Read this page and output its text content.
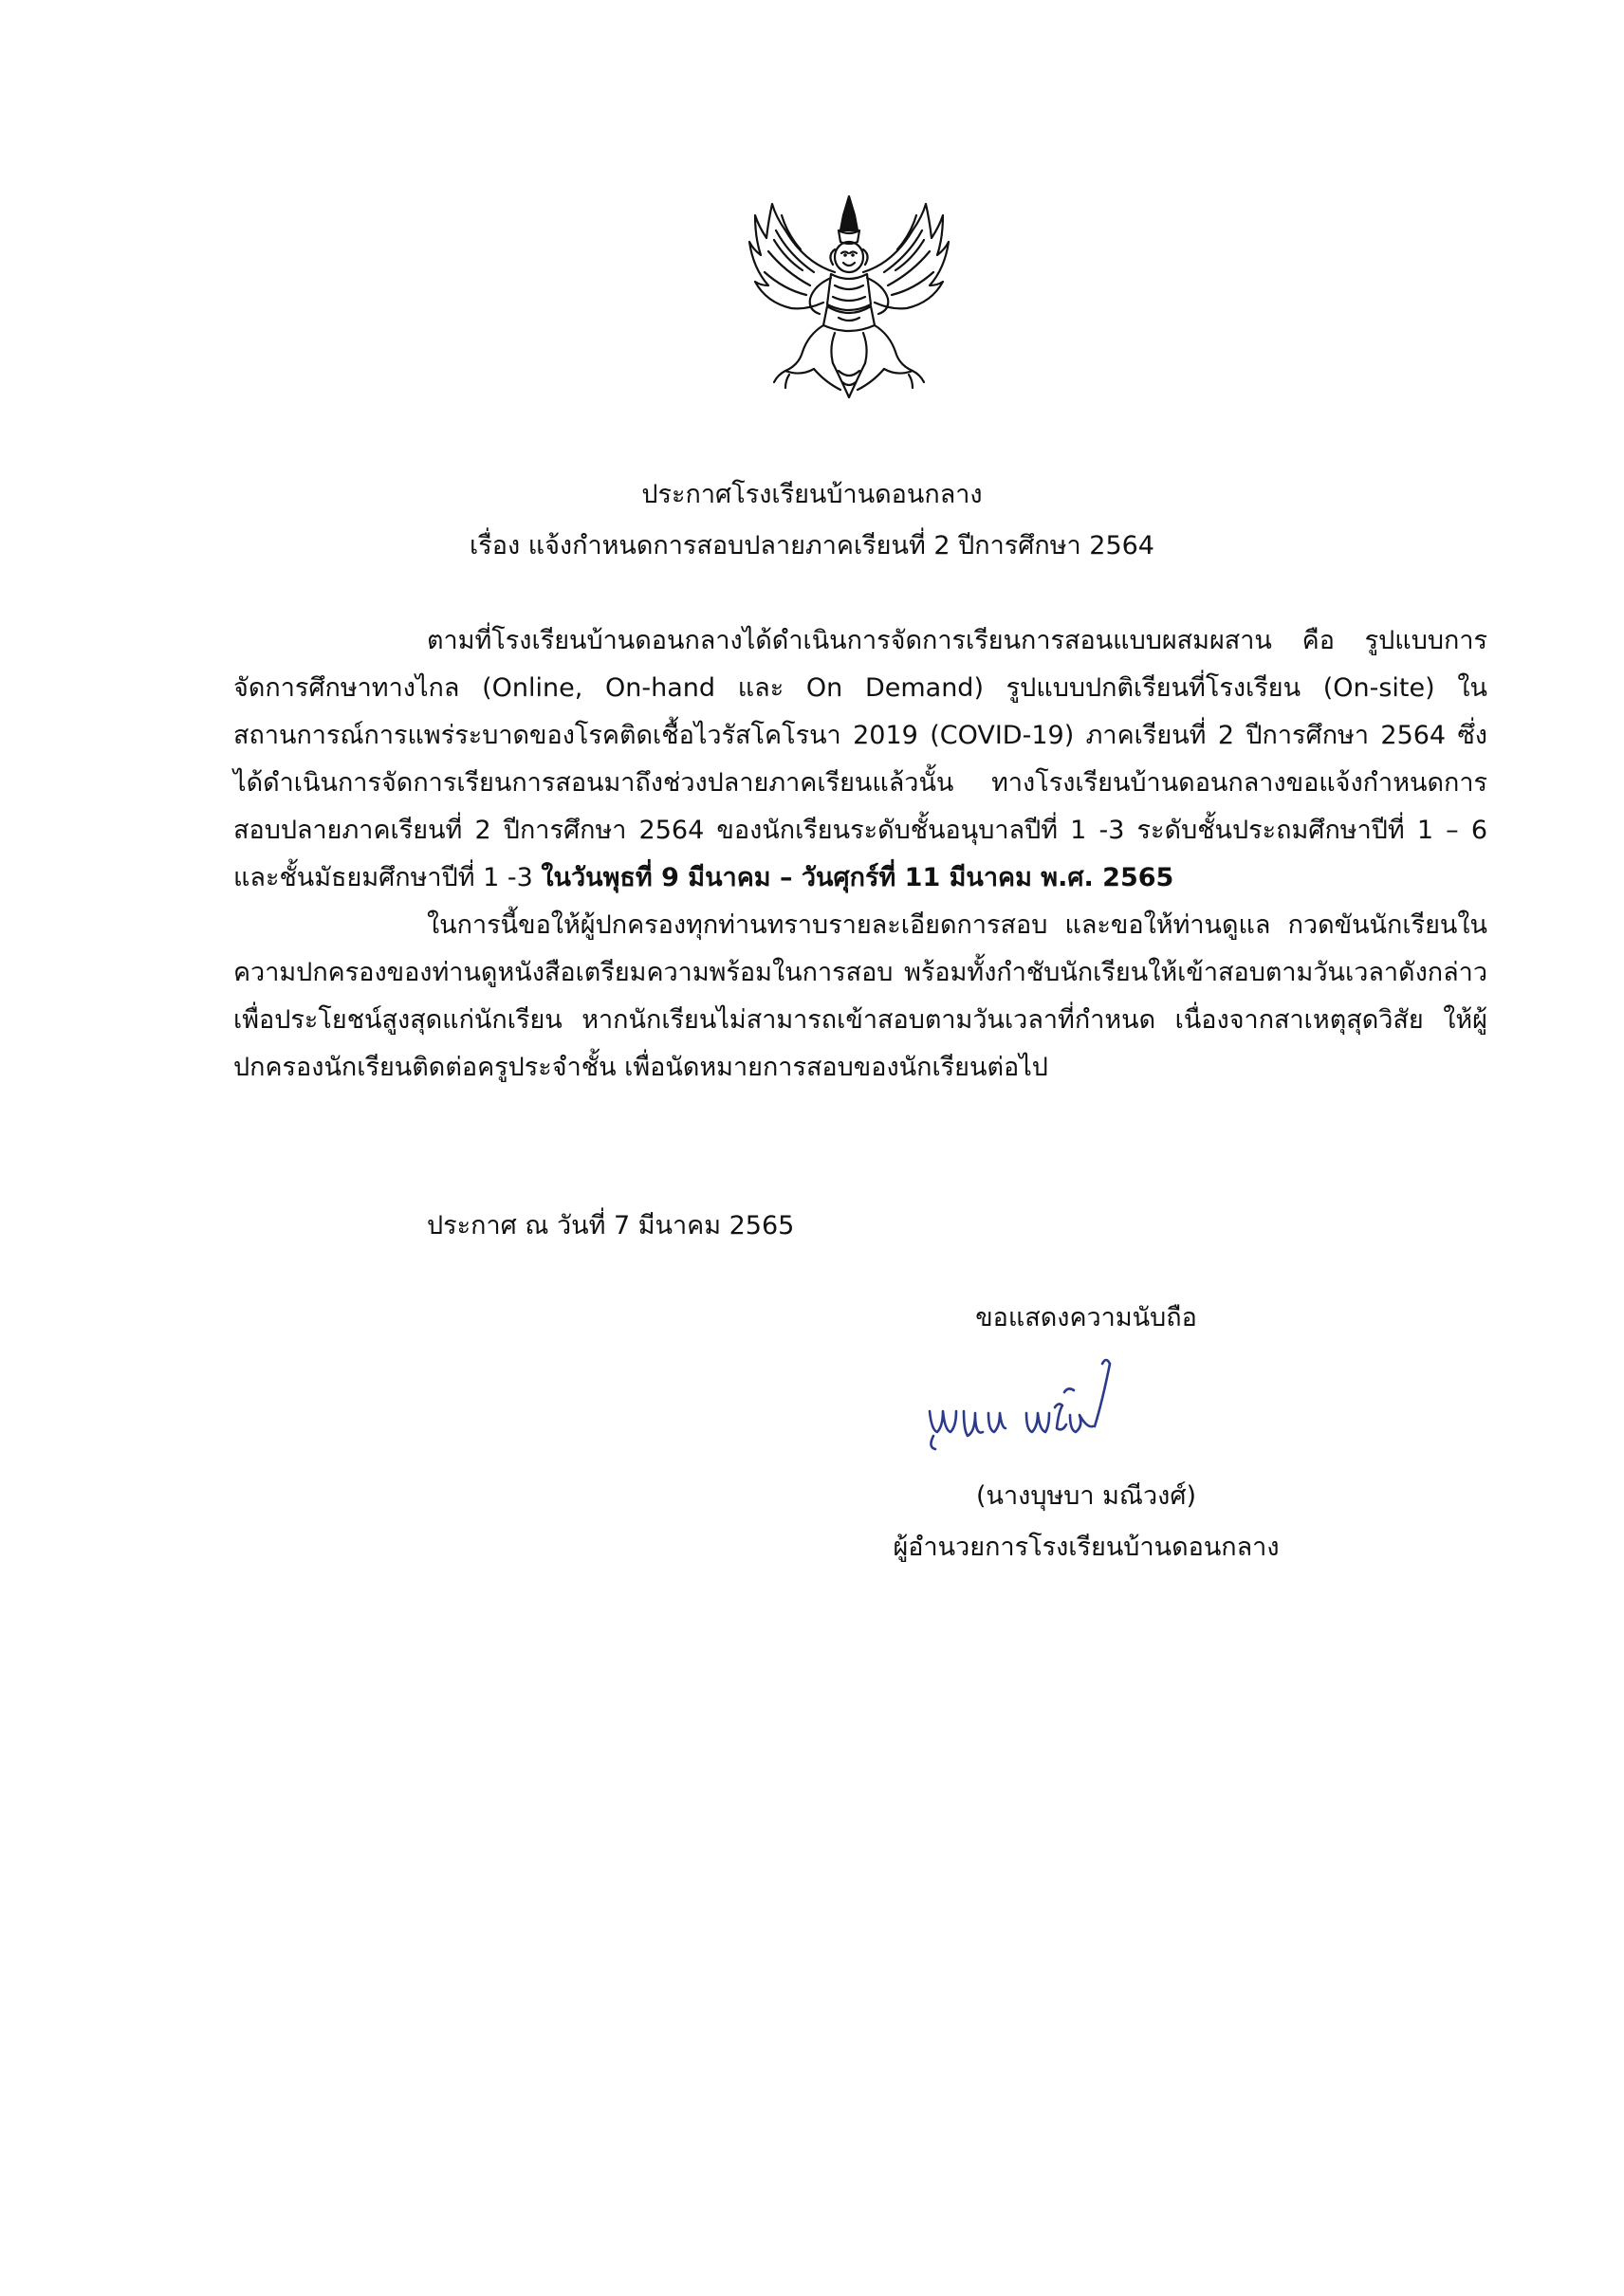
ประกาศโรงเรียนบ้านดอนกลาง
เรื่อง แจ้งกำหนดการสอบปลายภาคเรียนที่ 2 ปีการศึกษา 2564

ตามที่โรงเรียนบ้านดอนกลางได้ดำเนินการจัดการเรียนการสอนแบบผสมผสาน คือ รูปแบบการจัดการศึกษาทางไกล (Online, On-hand และ On Demand) รูปแบบปกติเรียนที่โรงเรียน (On-site) ในสถานการณ์การแพร่ระบาดของโรคติดเชื้อไวรัสโคโรนา 2019 (COVID-19) ภาคเรียนที่ 2 ปีการศึกษา 2564 ซึ่งได้ดำเนินการจัดการเรียนการสอนมาถึงช่วงปลายภาคเรียนแล้วนั้น ทางโรงเรียนบ้านดอนกลางขอแจ้งกำหนดการสอบปลายภาคเรียนที่ 2 ปีการศึกษา 2564 ของนักเรียนระดับชั้นอนุบาลปีที่ 1 -3 ระดับชั้นประถมศึกษาปีที่ 1 – 6 และชั้นมัธยมศึกษาปีที่ 1 -3 ในวันพุธที่ 9 มีนาคม – วันศุกร์ที่ 11 มีนาคม พ.ศ. 2565

ในการนี้ขอให้ผู้ปกครองทุกท่านทราบรายละเอียดการสอบ และขอให้ท่านดูแล กวดขันนักเรียนในความปกครองของท่านดูหนังสือเตรียมความพร้อมในการสอบ พร้อมทั้งกำชับนักเรียนให้เข้าสอบตามวันเวลาดังกล่าว เพื่อประโยชน์สูงสุดแก่นักเรียน หากนักเรียนไม่สามารถเข้าสอบตามวันเวลาที่กำหนด เนื่องจากสาเหตุสุดวิสัย ให้ผู้ปกครองนักเรียนติดต่อครูประจำชั้น เพื่อนัดหมายการสอบของนักเรียนต่อไป

ประกาศ ณ วันที่ 7 มีนาคม 2565
ขอแสดงความนับถือ
(นางบุษบา มณีวงศ์)
ผู้อำนวยการโรงเรียนบ้านดอนกลาง
